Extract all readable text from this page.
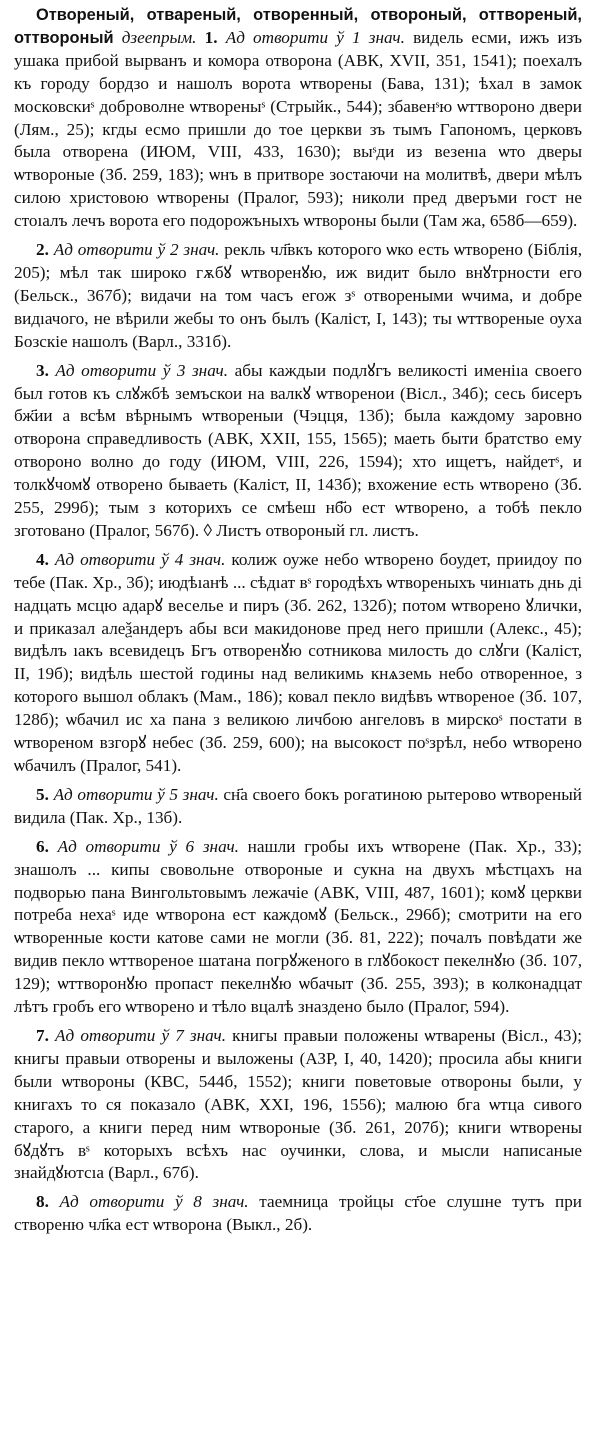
Отвореный, отвареный, отворенный, отвороный, оттвореный, оттвороный дзеепрым. 1. Ад отворити ў 1 знач. видель есми, ижъ изъ ушака прибой вырванъ и комора отворона (АВК, XVII, 351, 1541); поехалъ къ городу бордзо и нашолъ ворота ѡтворены (Бава, 131); ѣхал в замок московскиˢ доброволне ѡтвореныˢ (Стрыйк., 544); збавенˢю ѡттвороно двери (Лям., 25); кгды есмо пришли до тое церкви зъ тымъ Гапономъ, церковъ была отворена (ИЮМ, VIII, 433, 1630); выˢди из везенıа ѡто дверы ѡтвороные (Зб. 259, 183); ѡнъ в притворе зостаючи на молитвѣ, двери мѣлъ силою христовою ѡтворены (Пралог, 593); николи пред дверъми гост не стоıалъ лечъ ворота его подорожъныхъ ѡтвороны были (Там жа, 658б—659).

2. Ад отворити ў 2 знач. рекль чл҃вкъ которого ѡко есть ѡтворено (Біблія, 205); мѣл так широко гѫбꙋ ѡтворенꙋю, иж видит было внꙋтрности его (Бельск., 367б); видачи на том часъ егож зˢ отвореными ѡчима, и добре видıачого, не вѣрили жебы то онъ былъ (Каліст, I, 143); ты ѡттвореные оуха Бозскіе нашолъ (Варл., 331б).

3. Ад отворити ў 3 знач. абы каждыи подлꙋгъ великості именіıа своего был готов къ слꙋжбѣ земъскои на валкꙋ ѡтворенои (Вісл., 34б); сесь бисеръ бж҃ии а всѣм вѣрнымъ ѡтвореныи (Чэцця, 13б); была каждому заровно отворона справедливость (АВК, XXII, 155, 1565); маеть быти братство ему отвороно волно до году (ИЮМ, VIII, 226, 1594); хто ищетъ, найдетˢ, и толкꙋчомꙋ отворено бываеть (Каліст, II, 143б); вхожение есть ѡтворено (Зб. 255, 299б); тым з которихъ се смѣеш нб҃о ест ѡтворено, а тобѣ пекло зготовано (Пралог, 567б). ◊ Листъ отвороный гл. листъ.

4. Ад отворити ў 4 знач. колиж оуже небо ѡтворено боудет, приидоу по тебе (Пак. Хр., 3б); июдѣıанѣ ... сѣдıат вˢ городѣхъ ѡтвореныхъ чинıать днь ді надцать мсцю адарꙋ веселье и пиръ (Зб. 262, 132б); потом ѡтворено ꙋлички, и приказал алеѯандеръ абы вси макидонове пред него пришли (Алекс., 45); видѣлъ ıакъ всевидецъ Бгъ отворенꙋю сотникова милость до слꙋги (Каліст, II, 19б); видѣль шестой годины над великимь кнѧземь небо отворенное, з которого вышол облакъ (Мам., 186); ковал пекло видѣвъ ѡтвореное (Зб. 107, 128б); ѡбачил ис ха пана з великою личбою ангеловъ в мирскоˢ постати в ѡтвореном взгорꙋ небес (Зб. 259, 600); на высокост поˢзрѣл, небо ѡтворено ѡбачилъ (Пралог, 541).

5. Ад отворити ў 5 знач. сн҃а своего бокъ рогатиною рытерово ѡтвореный видила (Пак. Хр., 13б).

6. Ад отворити ў 6 знач. нашли гробы ихъ ѡтворене (Пак. Хр., 33); знашолъ ... кипы свовольне отвороные и сукна на двухъ мѣстцахъ на подворью пана Вингольтовымъ лежачіе (АВК, VIII, 487, 1601); комꙋ церкви потреба нехаˢ иде ѡтворона ест каждомꙋ (Бельск., 296б); смотрити на его ѡтворенные кости катове сами не могли (Зб. 81, 222); почалъ повѣдати же видив пекло ѡттвореное шатана погрꙋженого в глꙋбокост пекелнꙋю (Зб. 107, 129); ѡттворонꙋю пропаст пекелнꙋю ѡбачыт (Зб. 255, 393); в колконадцат лѣтъ гробъ его ѡтворено и тѣло вцалѣ зназдено было (Пралог, 594).

7. Ад отворити ў 7 знач. книгы правыи положены ѡтварены (Вісл., 43); книгы правыи отворены и выложены (АЗР, I, 40, 1420); просила абы книги были ѡтвороны (КВС, 544б, 1552); книги поветовые отвороны были, у книгахъ то ся показало (АВК, XXI, 196, 1556); малюю бга ѡтца сивого старого, а книги перед ним ѡтвороные (Зб. 261, 207б); книги ѡтворены бꙋдꙋтъ вˢ которыхъ всѣхъ нас оучинки, слова, и мысли написаные знайдꙋютсıа (Варл., 67б).

8. Ад отворити ў 8 знач. таемница тройцы ст҃ое слушне тутъ при створеню чл҃ка ест ѡтворона (Выкл., 2б).
